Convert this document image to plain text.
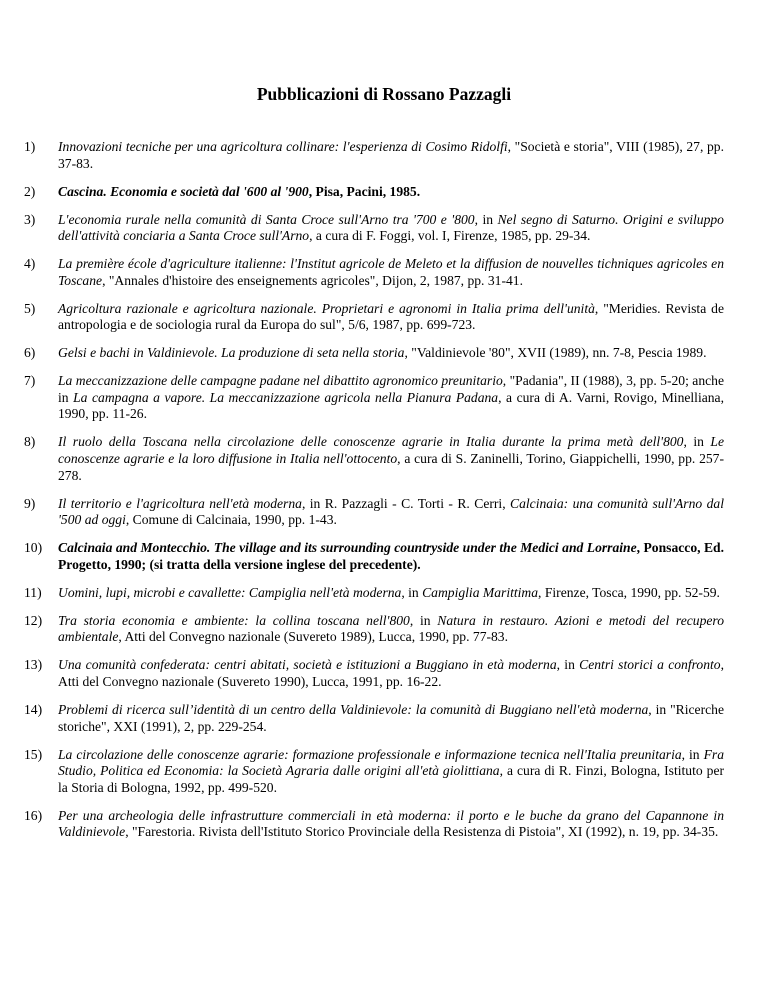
Pubblicazioni di Rossano Pazzagli
1) Innovazioni tecniche per una agricoltura collinare: l'esperienza di Cosimo Ridolfi, "Società e storia", VIII (1985), 27, pp. 37-83.
2) Cascina. Economia e società dal '600 al '900, Pisa, Pacini, 1985.
3) L'economia rurale nella comunità di Santa Croce sull'Arno tra '700 e '800, in Nel segno di Saturno. Origini e sviluppo dell'attività conciaria a Santa Croce sull'Arno, a cura di F. Foggi, vol. I, Firenze, 1985, pp. 29-34.
4) La première école d'agriculture italienne: l'Institut agricole de Meleto et la diffusion de nouvelles tichniques agricoles en Toscane, "Annales d'histoire des enseignements agricoles", Dijon, 2, 1987, pp. 31-41.
5) Agricoltura razionale e agricoltura nazionale. Proprietari e agronomi in Italia prima dell'unità, "Meridies. Revista de antropologia e de sociologia rural da Europa do sul", 5/6, 1987, pp. 699-723.
6) Gelsi e bachi in Valdinievole. La produzione di seta nella storia, "Valdinievole '80", XVII (1989), nn. 7-8, Pescia 1989.
7) La meccanizzazione delle campagne padane nel dibattito agronomico preunitario, "Padania", II (1988), 3, pp. 5-20; anche in La campagna a vapore. La meccanizzazione agricola nella Pianura Padana, a cura di A. Varni, Rovigo, Minelliana, 1990, pp. 11-26.
8) Il ruolo della Toscana nella circolazione delle conoscenze agrarie in Italia durante la prima metà dell'800, in Le conoscenze agrarie e la loro diffusione in Italia nell'ottocento, a cura di S. Zaninelli, Torino, Giappichelli, 1990, pp. 257-278.
9) Il territorio e l'agricoltura nell'età moderna, in R. Pazzagli - C. Torti - R. Cerri, Calcinaia: una comunità sull'Arno dal '500 ad oggi, Comune di Calcinaia, 1990, pp. 1-43.
10) Calcinaia and Montecchio. The village and its surrounding countryside under the Medici and Lorraine, Ponsacco, Ed. Progetto, 1990; (si tratta della versione inglese del precedente).
11) Uomini, lupi, microbi e cavallette: Campiglia nell'età moderna, in Campiglia Marittima, Firenze, Tosca, 1990, pp. 52-59.
12) Tra storia economia e ambiente: la collina toscana nell'800, in Natura in restauro. Azioni e metodi del recupero ambientale, Atti del Convegno nazionale (Suvereto 1989), Lucca, 1990, pp. 77-83.
13) Una comunità confederata: centri abitati, società e istituzioni a Buggiano in età moderna, in Centri storici a confronto, Atti del Convegno nazionale (Suvereto 1990), Lucca, 1991, pp. 16-22.
14) Problemi di ricerca sull’identità di un centro della Valdinievole: la comunità di Buggiano nell'età moderna, in "Ricerche storiche", XXI (1991), 2, pp. 229-254.
15) La circolazione delle conoscenze agrarie: formazione professionale e informazione tecnica nell'Italia preunitaria, in Fra Studio, Politica ed Economia: la Società Agraria dalle origini all'età giolittiana, a cura di R. Finzi, Bologna, Istituto per la Storia di Bologna, 1992, pp. 499-520.
16) Per una archeologia delle infrastrutture commerciali in età moderna: il porto e le buche da grano del Capannone in Valdinievole, "Farestoria. Rivista dell'Istituto Storico Provinciale della Resistenza di Pistoia", XI (1992), n. 19, pp. 34-35.
